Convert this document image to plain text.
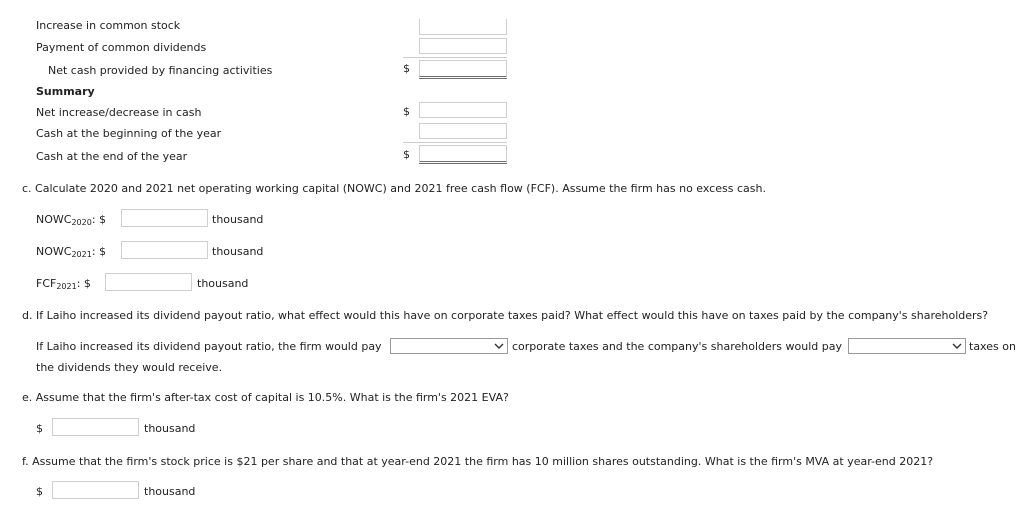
Increase in common stock
Payment of common dividends
Net cash provided by financing activities	$
Summary
Net increase/decrease in cash	$
Cash at the beginning of the year
Cash at the end of the year	$
c. Calculate 2020 and 2021 net operating working capital (NOWC) and 2021 free cash flow (FCF). Assume the firm has no excess cash.
$NOWC_{2020}$: $	thousand
$NOWC_{2021}$: $	thousand
$FCF_{2021}$: $	thousand
d. If Laiho increased its dividend payout ratio, what effect would this have on corporate taxes paid? What effect would this have on taxes paid by the company's shareholders?
If Laiho increased its dividend payout ratio, the firm would pay	corporate taxes and the company's shareholders would pay	taxes on
the dividends they would receive.
e. Assume that the firm's after-tax cost of capital is 10.5%. What is the firm's 2021 EVA?
$	thousand
f. Assume that the firm's stock price is $21 per share and that at year-end 2021 the firm has 10 million shares outstanding. What is the firm's MVA at year-end 2021?
$	thousand
